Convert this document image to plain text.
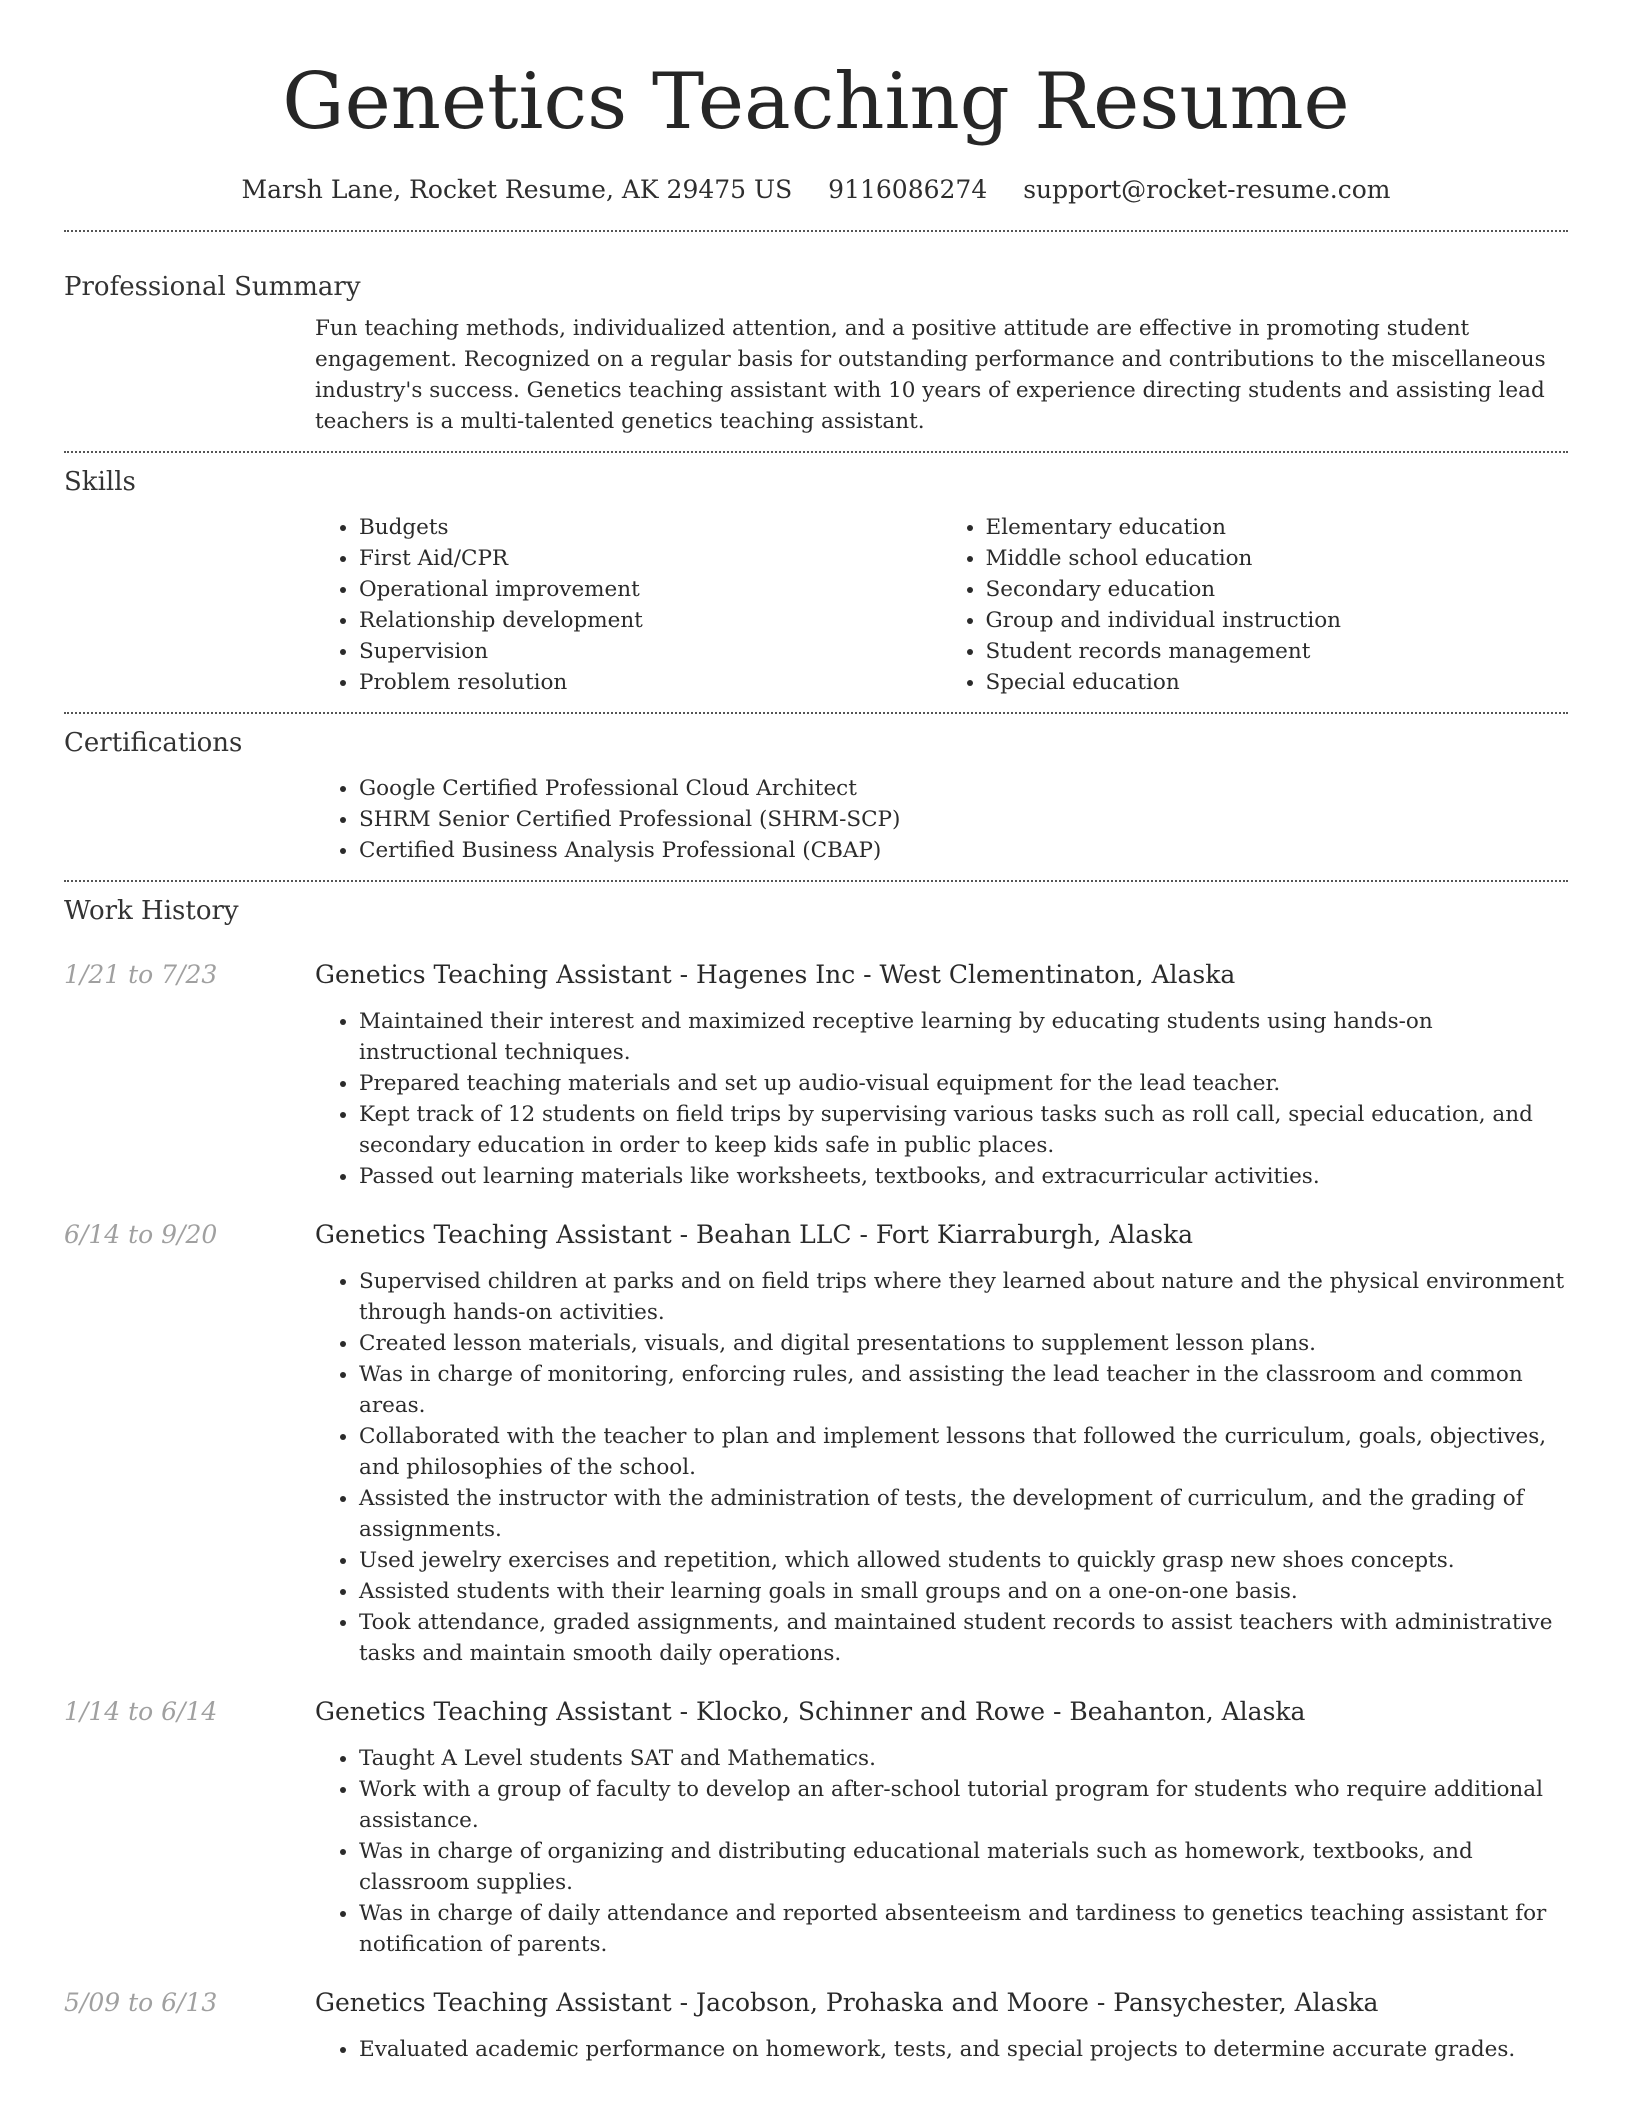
Genetics Teaching Resume
Marsh Lane, Rocket Resume, AK 29475 US 9116086274 support@rocket-resume.com
Professional Summary
Fun teaching methods, individualized attention, and a positive attitude are effective in promoting student engagement. Recognized on a regular basis for outstanding performance and contributions to the miscellaneous industry's success. Genetics teaching assistant with 10 years of experience directing students and assisting lead teachers is a multi-talented genetics teaching assistant.
Skills
• Budgets
• First Aid/CPR
• Operational improvement
• Relationship development
• Supervision
• Problem resolution
• Elementary education
• Middle school education
• Secondary education
• Group and individual instruction
• Student records management
• Special education
Certifications
• Google Certified Professional Cloud Architect
• SHRM Senior Certified Professional (SHRM-SCP)
• Certified Business Analysis Professional (CBAP)
Work History
1/21 to 7/23	Genetics Teaching Assistant - Hagenes Inc - West Clementinaton, Alaska
• Maintained their interest and maximized receptive learning by educating students using hands-on instructional techniques.
• Prepared teaching materials and set up audio-visual equipment for the lead teacher.
• Kept track of 12 students on field trips by supervising various tasks such as roll call, special education, and secondary education in order to keep kids safe in public places.
• Passed out learning materials like worksheets, textbooks, and extracurricular activities.
6/14 to 9/20	Genetics Teaching Assistant - Beahan LLC - Fort Kiarraburgh, Alaska
• Supervised children at parks and on field trips where they learned about nature and the physical environment through hands-on activities.
• Created lesson materials, visuals, and digital presentations to supplement lesson plans.
• Was in charge of monitoring, enforcing rules, and assisting the lead teacher in the classroom and common areas.
• Collaborated with the teacher to plan and implement lessons that followed the curriculum, goals, objectives, and philosophies of the school.
• Assisted the instructor with the administration of tests, the development of curriculum, and the grading of assignments.
• Used jewelry exercises and repetition, which allowed students to quickly grasp new shoes concepts.
• Assisted students with their learning goals in small groups and on a one-on-one basis.
• Took attendance, graded assignments, and maintained student records to assist teachers with administrative tasks and maintain smooth daily operations.
1/14 to 6/14	Genetics Teaching Assistant - Klocko, Schinner and Rowe - Beahanton, Alaska
• Taught A Level students SAT and Mathematics.
• Work with a group of faculty to develop an after-school tutorial program for students who require additional assistance.
• Was in charge of organizing and distributing educational materials such as homework, textbooks, and classroom supplies.
• Was in charge of daily attendance and reported absenteeism and tardiness to genetics teaching assistant for notification of parents.
5/09 to 6/13	Genetics Teaching Assistant - Jacobson, Prohaska and Moore - Pansychester, Alaska
• Evaluated academic performance on homework, tests, and special projects to determine accurate grades.
